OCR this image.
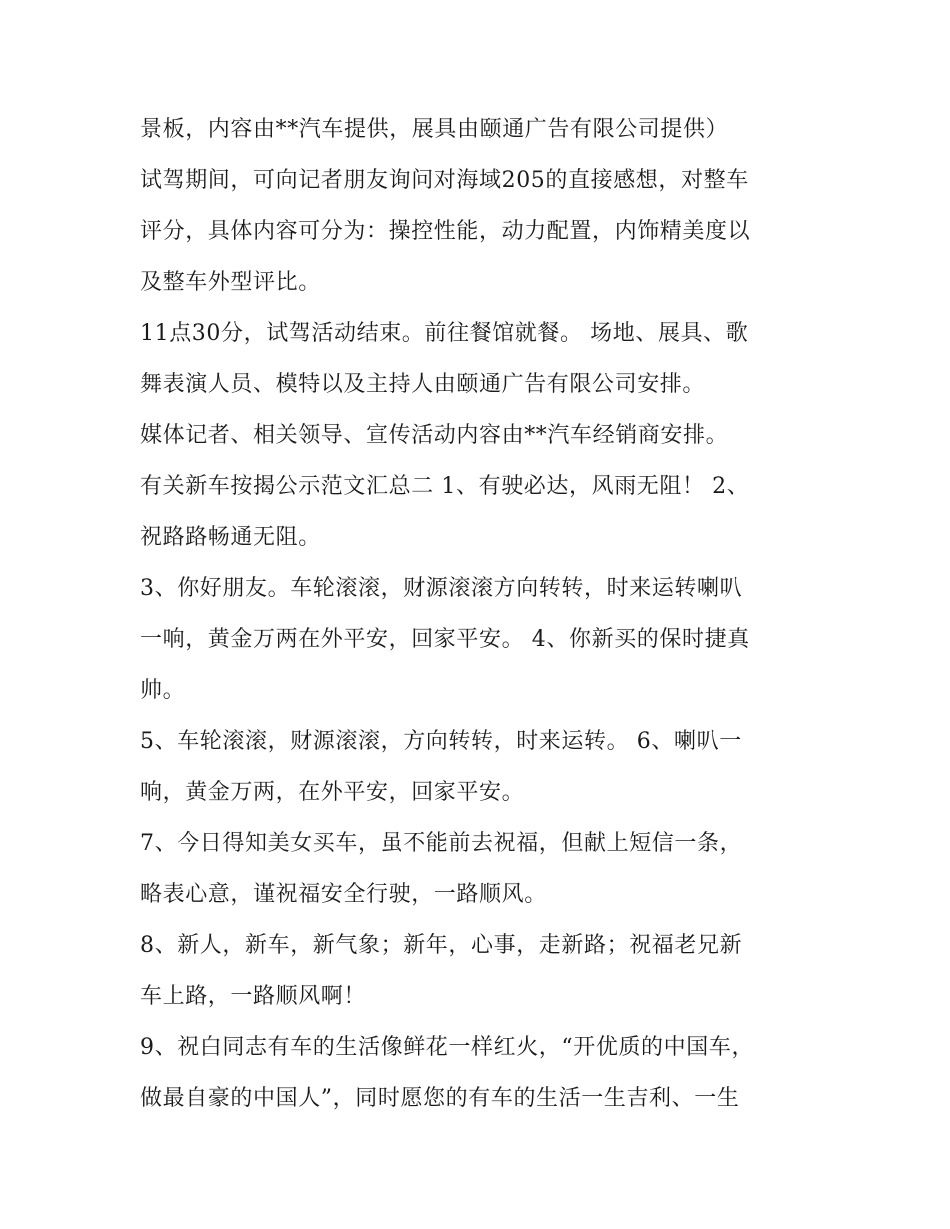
景板，内容由**汽车提供，展具由颐通广告有限公司提供）
试驾期间，可向记者朋友询问对海域205的直接感想，对整车
评分，具体内容可分为：操控性能，动力配置，内饰精美度以
及整车外型评比。
11点30分，试驾活动结束。前往餐馆就餐。 场地、展具、歌
舞表演人员、模特以及主持人由颐通广告有限公司安排。
媒体记者、相关领导、宣传活动内容由**汽车经销商安排。
有关新车按揭公示范文汇总二 1、有驶必达，风雨无阻！ 2、
祝路路畅通无阻。
3、你好朋友。车轮滚滚，财源滚滚方向转转，时来运转喇叭
一响，黄金万两在外平安，回家平安。 4、你新买的保时捷真
帅。
5、车轮滚滚，财源滚滚，方向转转，时来运转。 6、喇叭一
响，黄金万两，在外平安，回家平安。
7、今日得知美女买车，虽不能前去祝福，但献上短信一条，
略表心意，谨祝福安全行驶，一路顺风。
8、新人，新车，新气象；新年，心事，走新路；祝福老兄新
车上路，一路顺风啊！
9、祝白同志有车的生活像鲜花一样红火，“开优质的中国车，
做最自豪的中国人”，同时愿您的有车的生活一生吉利、一生
